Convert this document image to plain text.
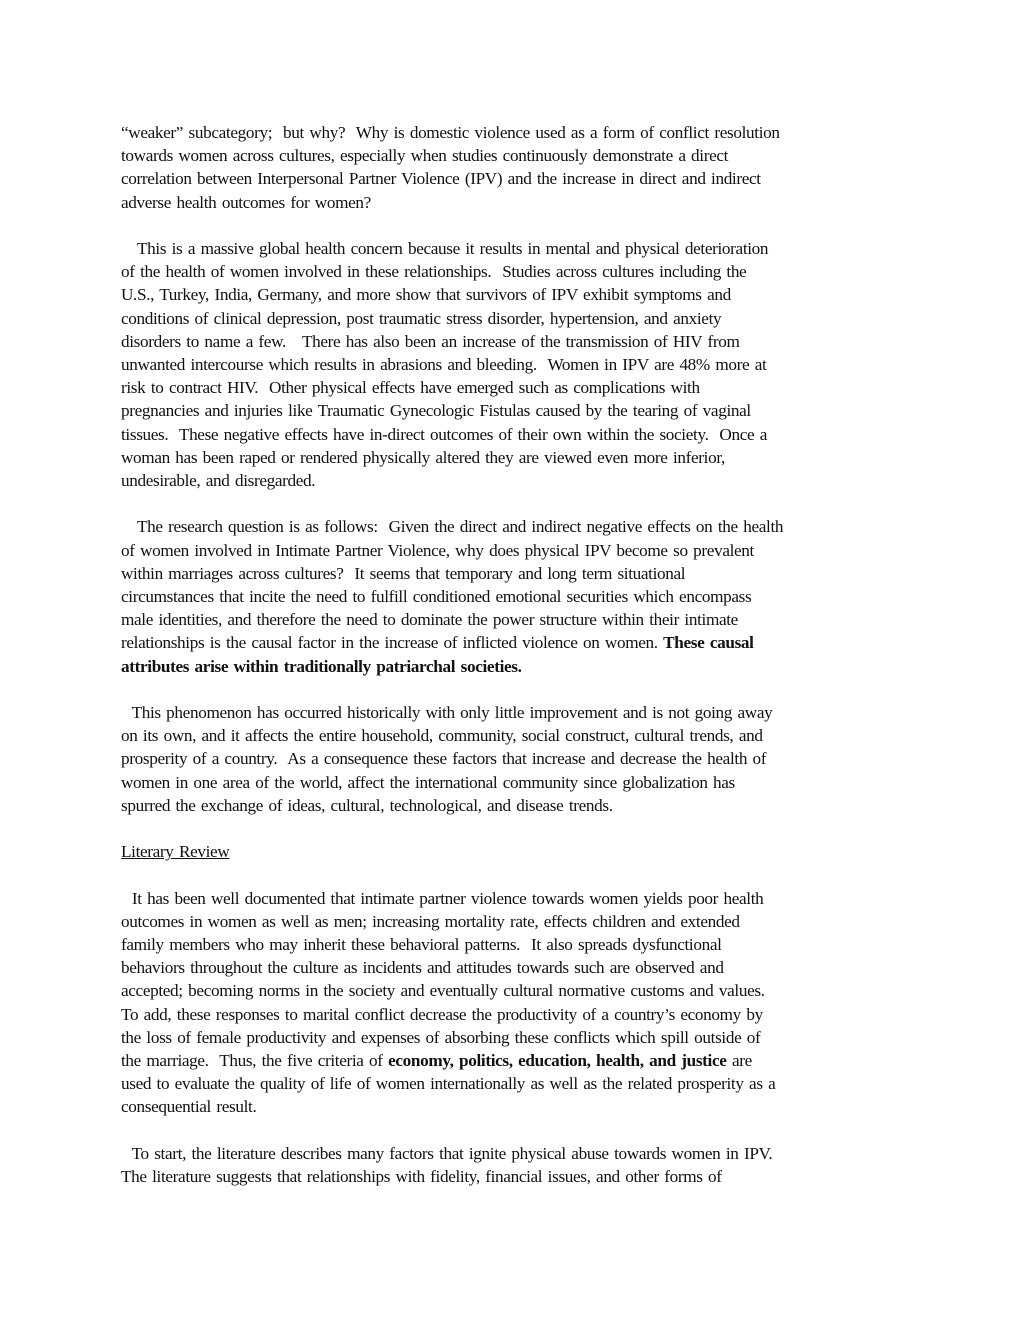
“weaker” subcategory;  but why?  Why is domestic violence used as a form of conflict resolution
towards women across cultures, especially when studies continuously demonstrate a direct
correlation between Interpersonal Partner Violence (IPV) and the increase in direct and indirect
adverse health outcomes for women?
This is a massive global health concern because it results in mental and physical deterioration
of the health of women involved in these relationships.  Studies across cultures including the
U.S., Turkey, India, Germany, and more show that survivors of IPV exhibit symptoms and
conditions of clinical depression, post traumatic stress disorder, hypertension, and anxiety
disorders to name a few.   There has also been an increase of the transmission of HIV from
unwanted intercourse which results in abrasions and bleeding.  Women in IPV are 48% more at
risk to contract HIV.  Other physical effects have emerged such as complications with
pregnancies and injuries like Traumatic Gynecologic Fistulas caused by the tearing of vaginal
tissues.  These negative effects have in-direct outcomes of their own within the society.  Once a
woman has been raped or rendered physically altered they are viewed even more inferior,
undesirable, and disregarded.
The research question is as follows:  Given the direct and indirect negative effects on the health
of women involved in Intimate Partner Violence, why does physical IPV become so prevalent
within marriages across cultures?  It seems that temporary and long term situational
circumstances that incite the need to fulfill conditioned emotional securities which encompass
male identities, and therefore the need to dominate the power structure within their intimate
relationships is the causal factor in the increase of inflicted violence on women. These causal
attributes arise within traditionally patriarchal societies.
This phenomenon has occurred historically with only little improvement and is not going away
on its own, and it affects the entire household, community, social construct, cultural trends, and
prosperity of a country.  As a consequence these factors that increase and decrease the health of
women in one area of the world, affect the international community since globalization has
spurred the exchange of ideas, cultural, technological, and disease trends.
Literary Review
It has been well documented that intimate partner violence towards women yields poor health
outcomes in women as well as men; increasing mortality rate, effects children and extended
family members who may inherit these behavioral patterns.  It also spreads dysfunctional
behaviors throughout the culture as incidents and attitudes towards such are observed and
accepted; becoming norms in the society and eventually cultural normative customs and values.
To add, these responses to marital conflict decrease the productivity of a country’s economy by
the loss of female productivity and expenses of absorbing these conflicts which spill outside of
the marriage.  Thus, the five criteria of economy, politics, education, health, and justice are
used to evaluate the quality of life of women internationally as well as the related prosperity as a
consequential result.
To start, the literature describes many factors that ignite physical abuse towards women in IPV.
The literature suggests that relationships with fidelity, financial issues, and other forms of
